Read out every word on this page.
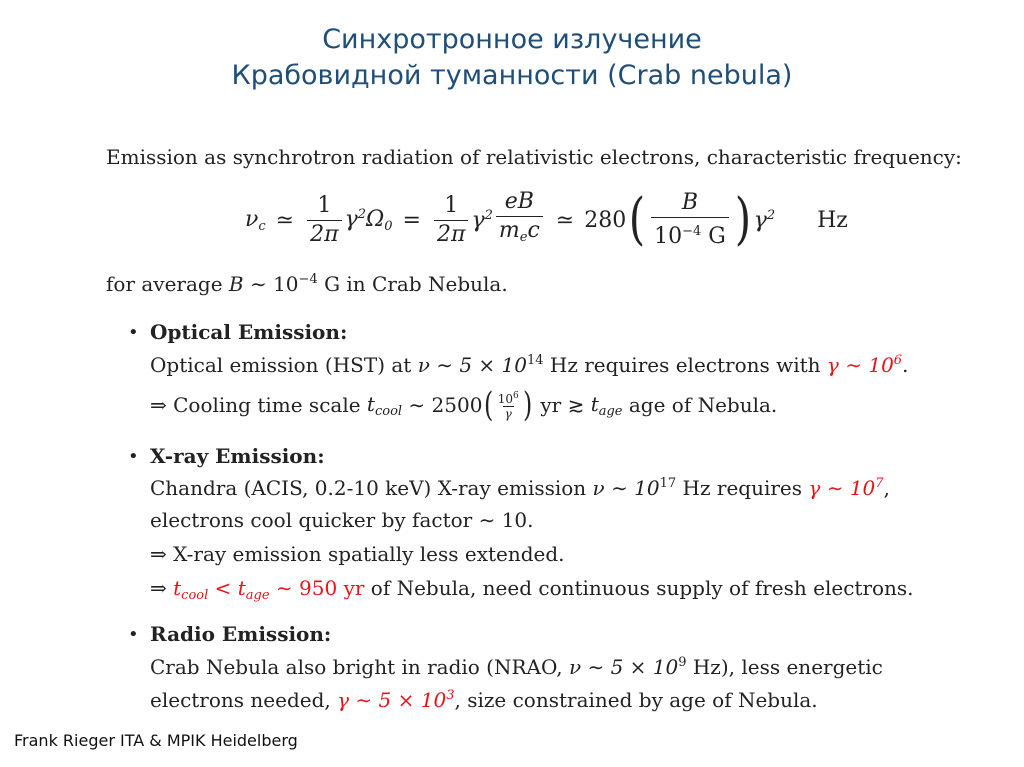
Синхротронное излучение
Крабовидной туманности (Crab nebula)
Emission as synchrotron radiation of relativistic electrons, characteristic frequency:
$\nu_c$ ≃ $\frac{1}{2\pi} \gamma^2\Omega_0 = \frac{1}{2\pi} \gamma^2 \frac{eB}{m_ec}$ ≃ 280 ( $\frac{B}{10^{-4} G}$ ) $\gamma^2$ Hz
for average B ∼ $10^{-4}$ G in Crab Nebula.
• Optical Emission:
Optical emission (HST) at ν ∼ $5 \times 10^{14}$ Hz requires electrons with γ ∼ $10^6$.
⇒
Cooling time scale
$t_{cool}$
∼ 2500 ( $\frac{10^6}{\gamma}$ )
yr
≳
$t_{age}$
age of Nebula.
• X-ray Emission:
Chandra (ACIS, 0.2-10 keV) X-ray emission ν ∼ $10^{17}$ Hz requires γ ∼ $10^7$,
electrons cool quicker by factor ∼ 10.
⇒ X-ray emission spatially less extended.
⇒ $t_{cool} < t_{age}$ ∼ 950 yr of Nebula, need continuous supply of fresh electrons.
• Radio Emission:
Crab Nebula also bright in radio (NRAO, ν ∼ $5 \times 10^9$ Hz), less energetic
electrons needed, γ ∼ $5 \times 10^3$, size constrained by age of Nebula.
Frank Rieger ITA & MPIK Heidelberg
